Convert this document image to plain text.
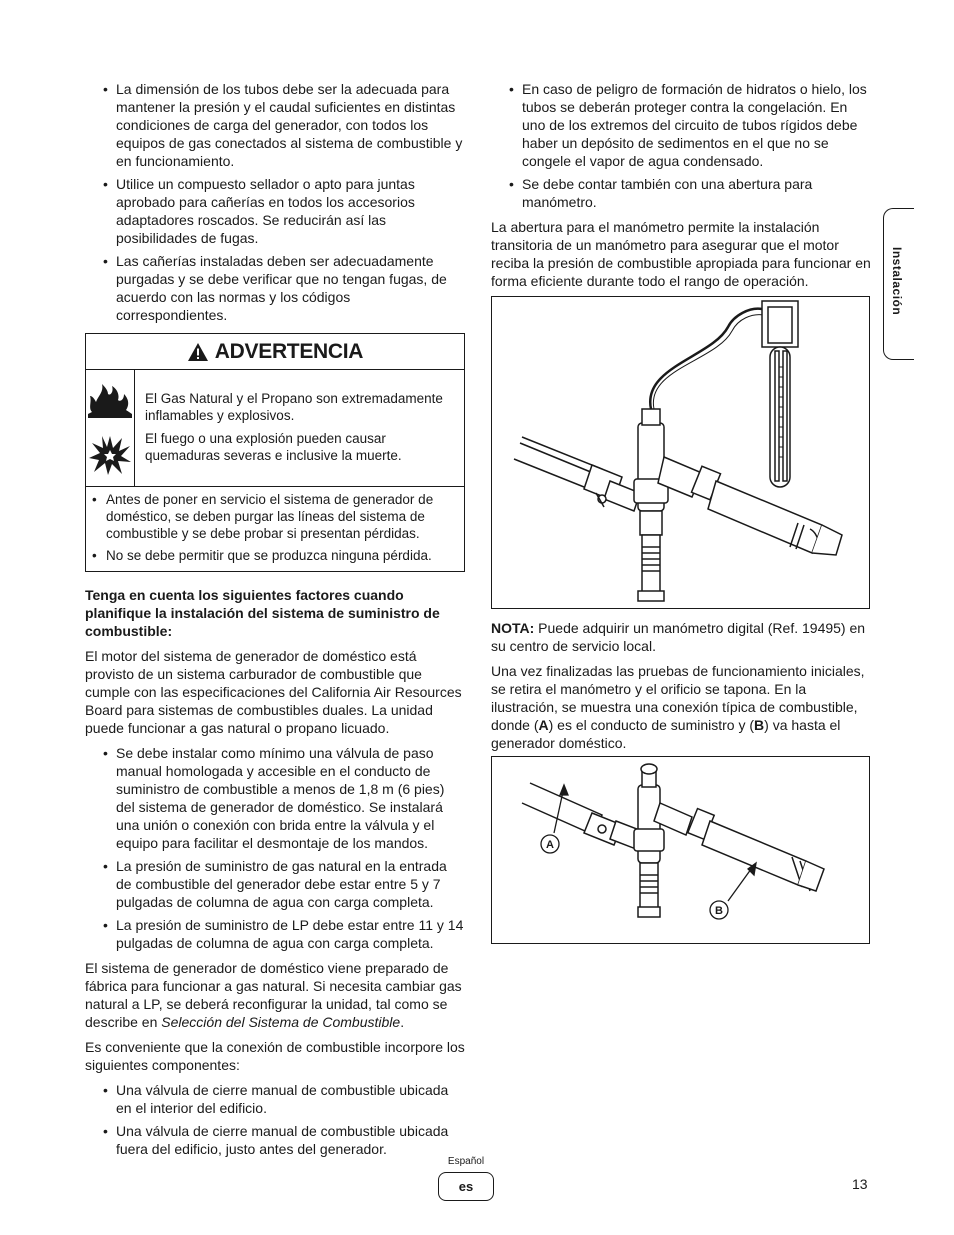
• La dimensión de los tubos debe ser la adecuada para mantener la presión y el caudal suficientes en distintas condiciones de carga del generador, con todos los equipos de gas conectados al sistema de combustible y en funcionamiento.
• Utilice un compuesto sellador o apto para juntas aprobado para cañerías en todos los accesorios adaptadores roscados. Se reducirán así las posibilidades de fugas.
• Las cañerías instaladas deben ser adecuadamente purgadas y se debe verificar que no tengan fugas, de acuerdo con las normas y los códigos correspondientes.
ADVERTENCIA

El Gas Natural y el Propano son extremadamente inflamables y explosivos.

El fuego o una explosión pueden causar quemaduras severas e inclusive la muerte.

• Antes de poner en servicio el sistema de generador de doméstico, se deben purgar las líneas del sistema de combustible y se debe probar si presentan pérdidas.
• No se debe permitir que se produzca ninguna pérdida.

Tenga en cuenta los siguientes factores cuando planifique la instalación del sistema de suministro de combustible:

El motor del sistema de generador de doméstico está provisto de un sistema carburador de combustible que cumple con las especificaciones del California Air Resources Board para sistemas de combustibles duales. La unidad puede funcionar a gas natural o propano licuado.

• Se debe instalar como mínimo una válvula de paso manual homologada y accesible en el conducto de suministro de combustible a menos de 1,8 m (6 pies) del sistema de generador de doméstico. Se instalará una unión o conexión con brida entre la válvula y el equipo para facilitar el desmontaje de los mandos.
• La presión de suministro de gas natural en la entrada de combustible del generador debe estar entre 5 y 7 pulgadas de columna de agua con carga completa.
• La presión de suministro de LP debe estar entre 11 y 14 pulgadas de columna de agua con carga completa.

El sistema de generador de doméstico viene preparado de fábrica para funcionar a gas natural. Si necesita cambiar gas natural a LP, se deberá reconfigurar la unidad, tal como se describe en Selección del Sistema de Combustible.

Es conveniente que la conexión de combustible incorpore los siguientes componentes:

• Una válvula de cierre manual de combustible ubicada en el interior del edificio.
• Una válvula de cierre manual de combustible ubicada fuera del edificio, justo antes del generador.
• En caso de peligro de formación de hidratos o hielo, los tubos se deberán proteger contra la congelación. En uno de los extremos del circuito de tubos rígidos debe haber un depósito de sedimentos en el que no se congele el vapor de agua condensado.
• Se debe contar también con una abertura para manómetro.

La abertura para el manómetro permite la instalación transitoria de un manómetro para asegurar que el motor reciba la presión de combustible apropiada para funcionar en forma eficiente durante todo el rango de operación.

NOTA: Puede adquirir un manómetro digital (Ref. 19495) en su centro de servicio local.

Una vez finalizadas las pruebas de funcionamiento iniciales, se retira el manómetro y el orificio se tapona. En la ilustración, se muestra una conexión típica de combustible, donde (A) es el conducto de suministro y (B) va hasta el generador doméstico.

A
B
Instalación
Español
es	13
